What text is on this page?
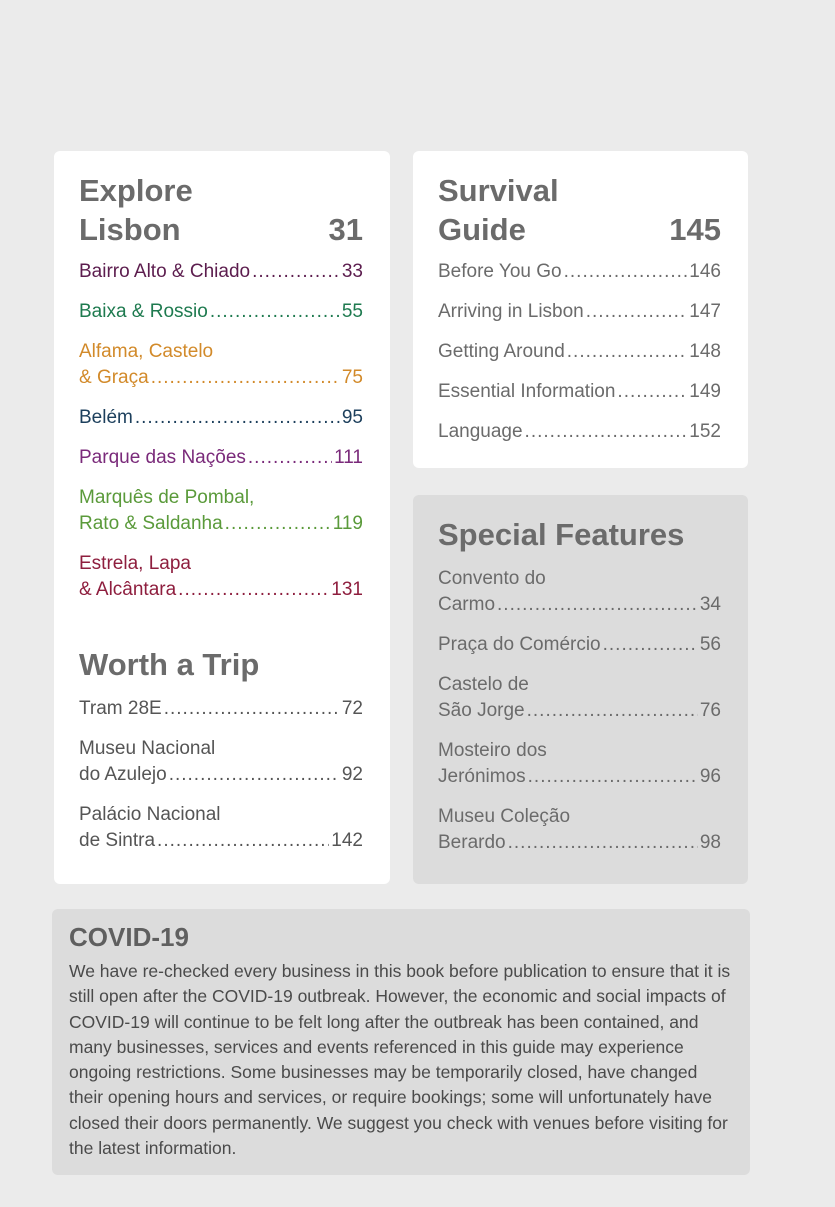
Explore
Lisbon	31
Bairro Alto & Chiado .....	33
Baixa & Rossio .....	55
Alfama, Castelo
& Graça .....	75
Belém .....	95
Parque das Nações .....	111
Marquês de Pombal,
Rato & Saldanha .....	119
Estrela, Lapa
& Alcântara .....	131
Worth a Trip
Tram 28E .....	72
Museu Nacional
do Azulejo .....	92
Palácio Nacional
de Sintra .....	142
Survival
Guide	145
Before You Go .....	146
Arriving in Lisbon .....	147
Getting Around .....	148
Essential Information .....	149
Language .....	152
Special Features
Convento do
Carmo .....	34
Praça do Comércio .....	56
Castelo de
São Jorge .....	76
Mosteiro dos
Jerónimos .....	96
Museu Coleção
Berardo .....	98
COVID-19

We have re-checked every business in this book before publication to ensure that it is still open after the COVID-19 outbreak. However, the economic and social impacts of COVID-19 will continue to be felt long after the outbreak has been contained, and many businesses, services and events referenced in this guide may experience ongoing restrictions. Some businesses may be temporarily closed, have changed their opening hours and services, or require bookings; some will unfortunately have closed their doors permanently. We suggest you check with venues before visiting for the latest information.
